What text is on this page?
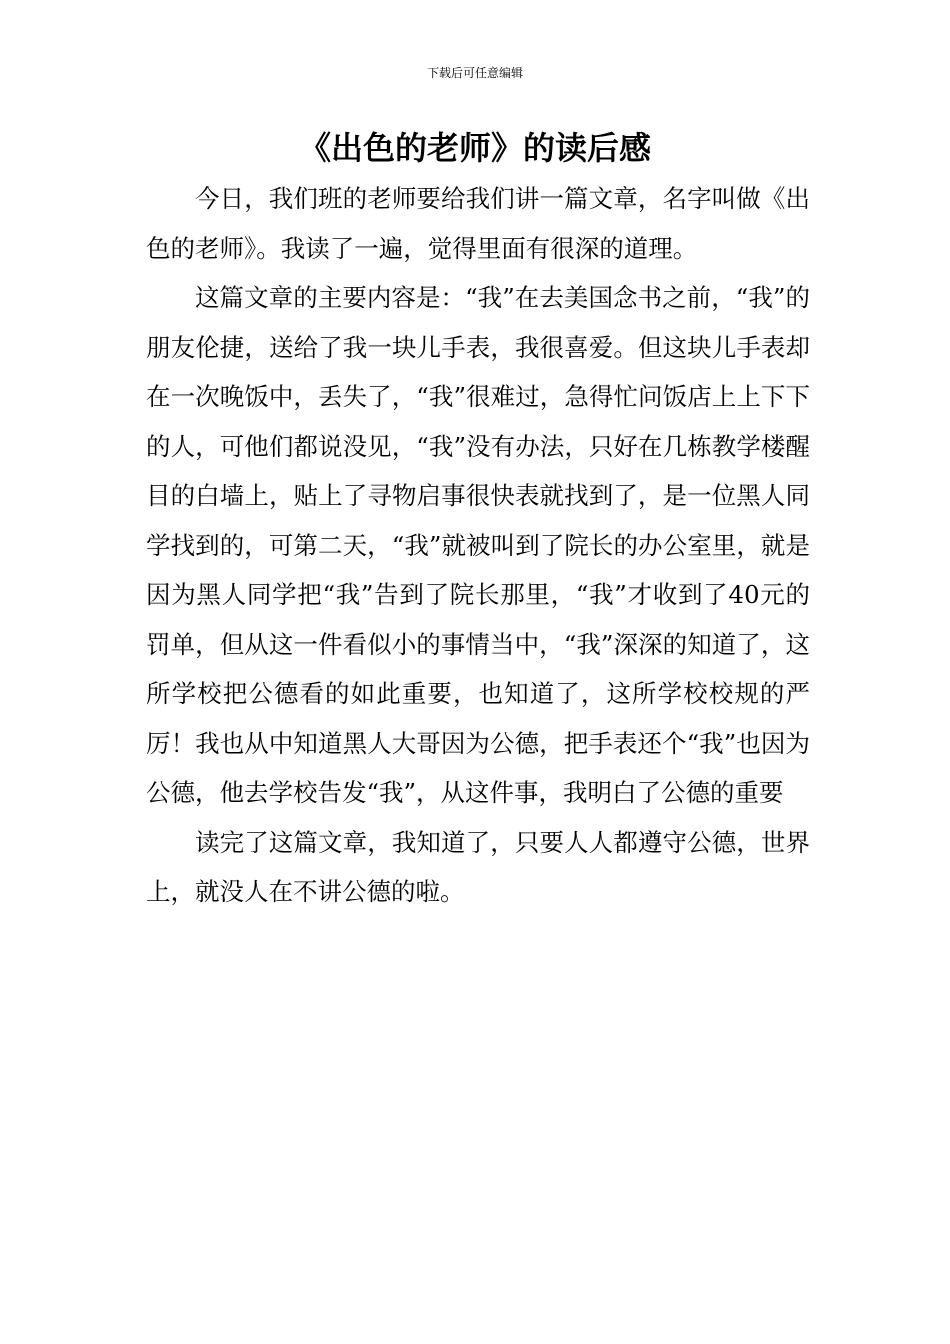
下载后可任意编辑
《出色的老师》的读后感

今日，我们班的老师要给我们讲一篇文章，名字叫做《出色的老师》。我读了一遍，觉得里面有很深的道理。

这篇文章的主要内容是：“我”在去美国念书之前，“我”的朋友伦捷，送给了我一块儿手表，我很喜爱。但这块儿手表却在一次晚饭中，丢失了，“我”很难过，急得忙问饭店上上下下的人，可他们都说没见，“我”没有办法，只好在几栋教学楼醒目的白墙上，贴上了寻物启事很快表就找到了，是一位黑人同学找到的，可第二天，“我”就被叫到了院长的办公室里，就是因为黑人同学把“我”告到了院长那里，“我”才收到了40元的罚单，但从这一件看似小的事情当中，“我”深深的知道了，这所学校把公德看的如此重要，也知道了，这所学校校规的严厉！我也从中知道黑人大哥因为公德，把手表还个“我”也因为公德，他去学校告发“我”，从这件事，我明白了公德的重要

读完了这篇文章，我知道了，只要人人都遵守公德，世界上，就没人在不讲公德的啦。
